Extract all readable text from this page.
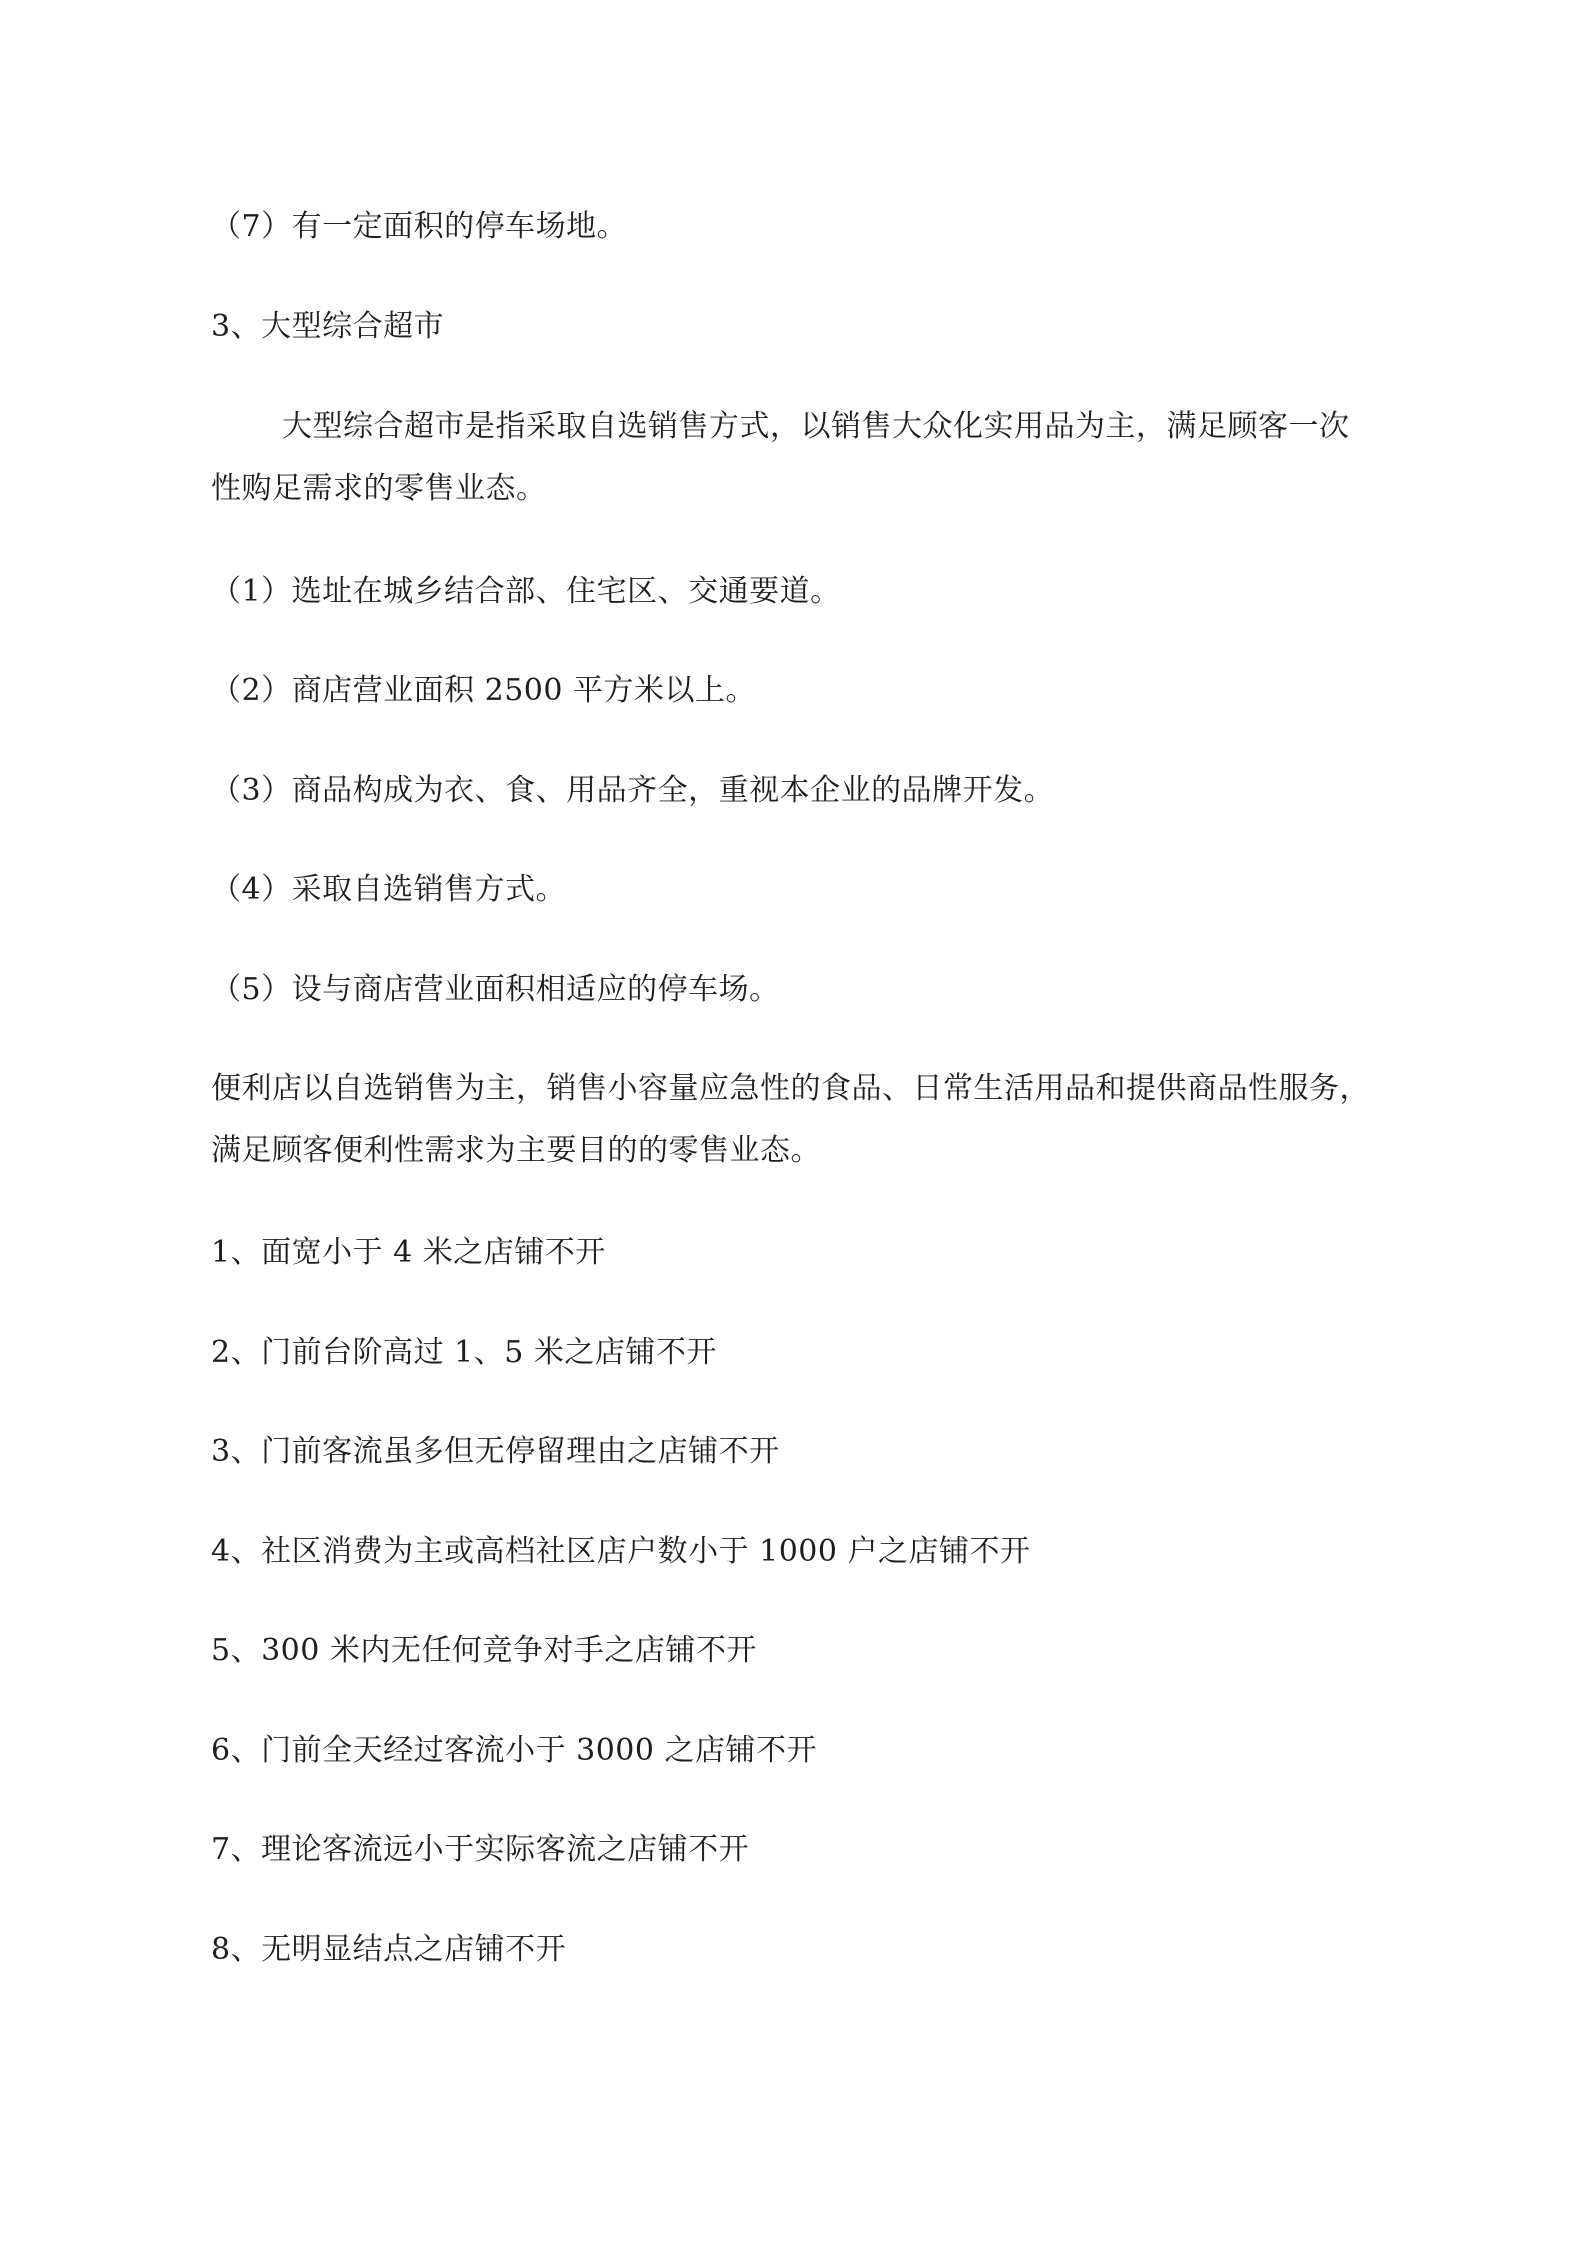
（7）有一定面积的停车场地。

3、大型综合超市

大型综合超市是指采取自选销售方式，以销售大众化实用品为主，满足顾客一次
性购足需求的零售业态。

（1）选址在城乡结合部、住宅区、交通要道。

（2）商店营业面积 2500 平方米以上。

（3）商品构成为衣、食、用品齐全，重视本企业的品牌开发。

（4）采取自选销售方式。

（5）设与商店营业面积相适应的停车场。

便利店以自选销售为主，销售小容量应急性的食品、日常生活用品和提供商品性服务，
满足顾客便利性需求为主要目的的零售业态。

1、面宽小于 4 米之店铺不开

2、门前台阶高过 1、5 米之店铺不开

3、门前客流虽多但无停留理由之店铺不开

4、社区消费为主或高档社区店户数小于 1000 户之店铺不开

5、300 米内无任何竞争对手之店铺不开

6、门前全天经过客流小于 3000 之店铺不开

7、理论客流远小于实际客流之店铺不开

8、无明显结点之店铺不开
